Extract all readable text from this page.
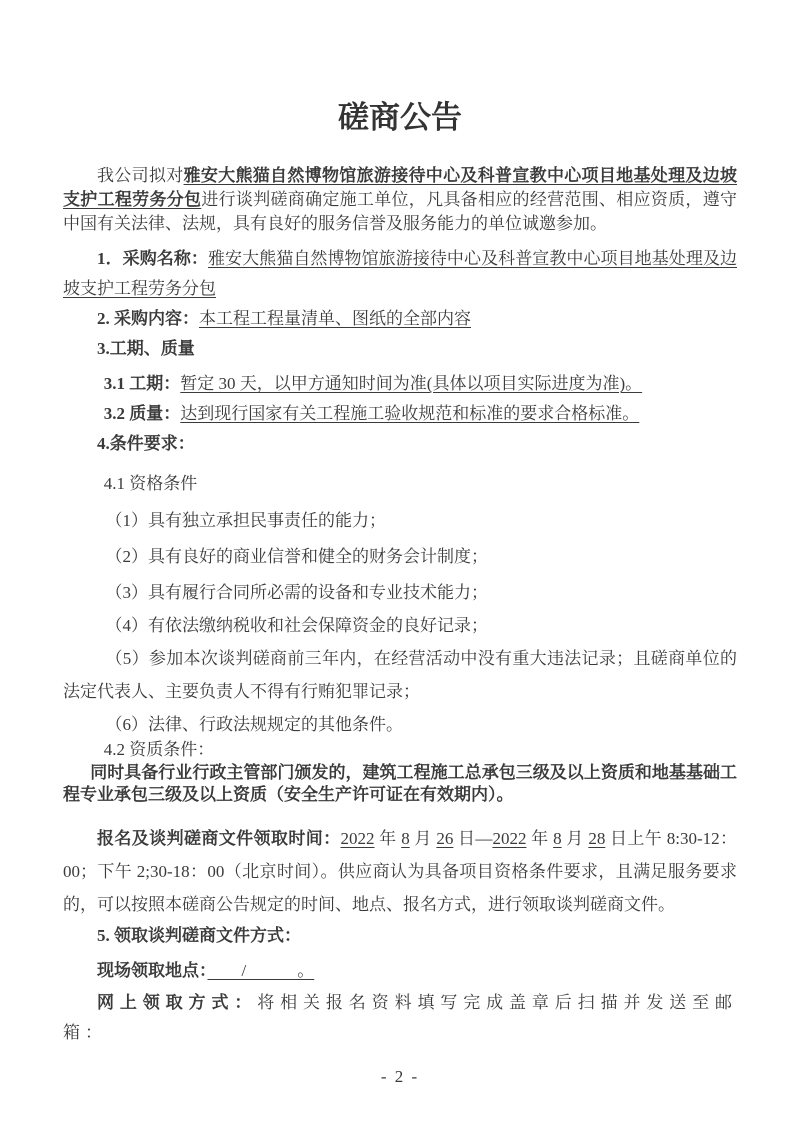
磋商公告

我公司拟对雅安大熊猫自然博物馆旅游接待中心及科普宣教中心项目地基处理及边坡支护工程劳务分包进行谈判磋商确定施工单位，凡具备相应的经营范围、相应资质，遵守中国有关法律、法规，具有良好的服务信誉及服务能力的单位诚邀参加。

1．采购名称：雅安大熊猫自然博物馆旅游接待中心及科普宣教中心项目地基处理及边坡支护工程劳务分包

2. 采购内容：本工程工程量清单、图纸的全部内容

3.工期、质量

3.1 工期：暂定 30 天，以甲方通知时间为准(具体以项目实际进度为准)。

3.2 质量：达到现行国家有关工程施工验收规范和标准的要求合格标准。

4.条件要求：

4.1 资格条件

（1）具有独立承担民事责任的能力；

（2）具有良好的商业信誉和健全的财务会计制度；

（3）具有履行合同所必需的设备和专业技术能力；

（4）有依法缴纳税收和社会保障资金的良好记录；

（5）参加本次谈判磋商前三年内，在经营活动中没有重大违法记录；且磋商单位的法定代表人、主要负责人不得有行贿犯罪记录；

（6）法律、行政法规规定的其他条件。

4.2 资质条件：

同时具备行业行政主管部门颁发的，建筑工程施工总承包三级及以上资质和地基基础工程专业承包三级及以上资质（安全生产许可证在有效期内）。

报名及谈判磋商文件领取时间：2022 年 8 月 26 日—2022 年 8 月 28 日上午 8:30-12：00；下午 2;30-18：00（北京时间）。供应商认为具备项目资格条件要求，且满足服务要求的，可以按照本磋商公告规定的时间、地点、报名方式，进行领取谈判磋商文件。

5. 领取谈判磋商文件方式：

现场领取地点：　　/　　　。

网上领取方式：将相关报名资料填写完成盖章后扫描并发送至邮箱：

- 2 -
